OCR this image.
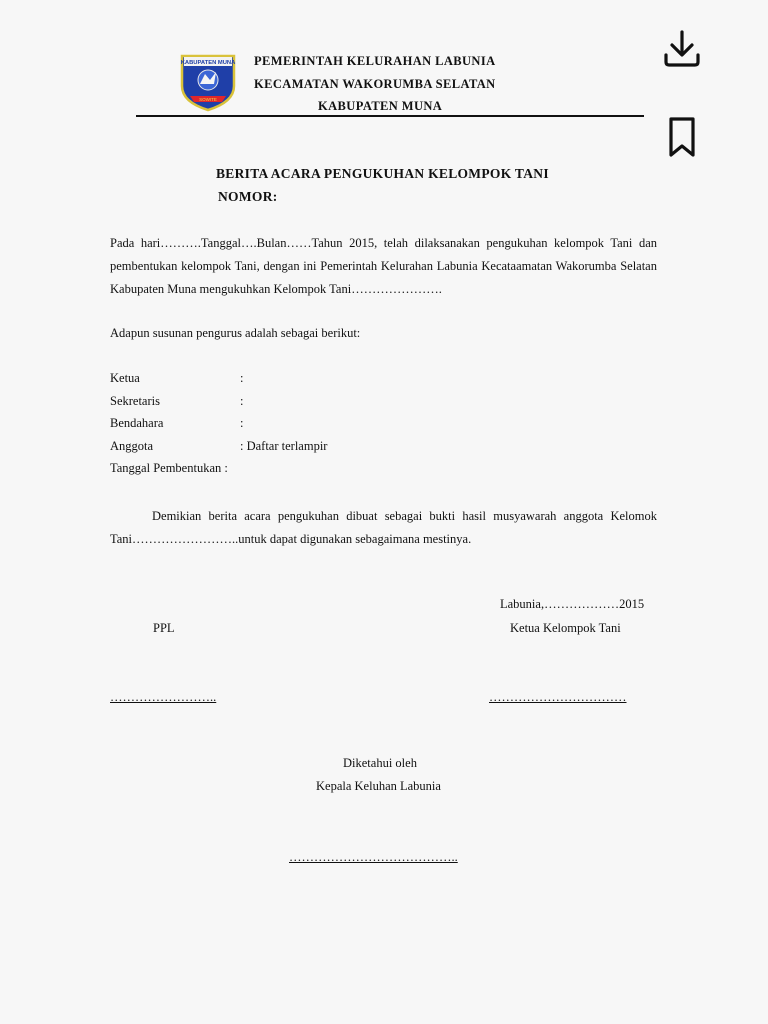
KABUPATEN MUNA
SOWITE
PEMERINTAH KELURAHAN LABUNIA
KECAMATAN WAKORUMBA SELATAN
KABUPATEN MUNA
BERITA ACARA PENGUKUHAN KELOMPOK TANI
NOMOR:
Pada hari……….Tanggal….Bulan……Tahun 2015, telah dilaksanakan pengukuhan kelompok Tani dan pembentukan kelompok Tani, dengan ini Pemerintah Kelurahan Labunia Kecataamatan Wakorumba Selatan Kabupaten Muna mengukuhkan Kelompok Tani………………….
Adapun susunan pengurus adalah sebagai berikut:
Ketua	:
Sekretaris	:
Bendahara	:
Anggota	: Daftar terlampir
Tanggal Pembentukan :
Demikian berita acara pengukuhan dibuat sebagai bukti hasil musyawarah anggota Kelomok Tani……………………..untuk dapat digunakan sebagaimana mestinya.
Labunia,………………2015
PPL	Ketua Kelompok Tani
……………………..	……………………………
Diketahui oleh
Kepala Keluhan Labunia
…………………………………..
